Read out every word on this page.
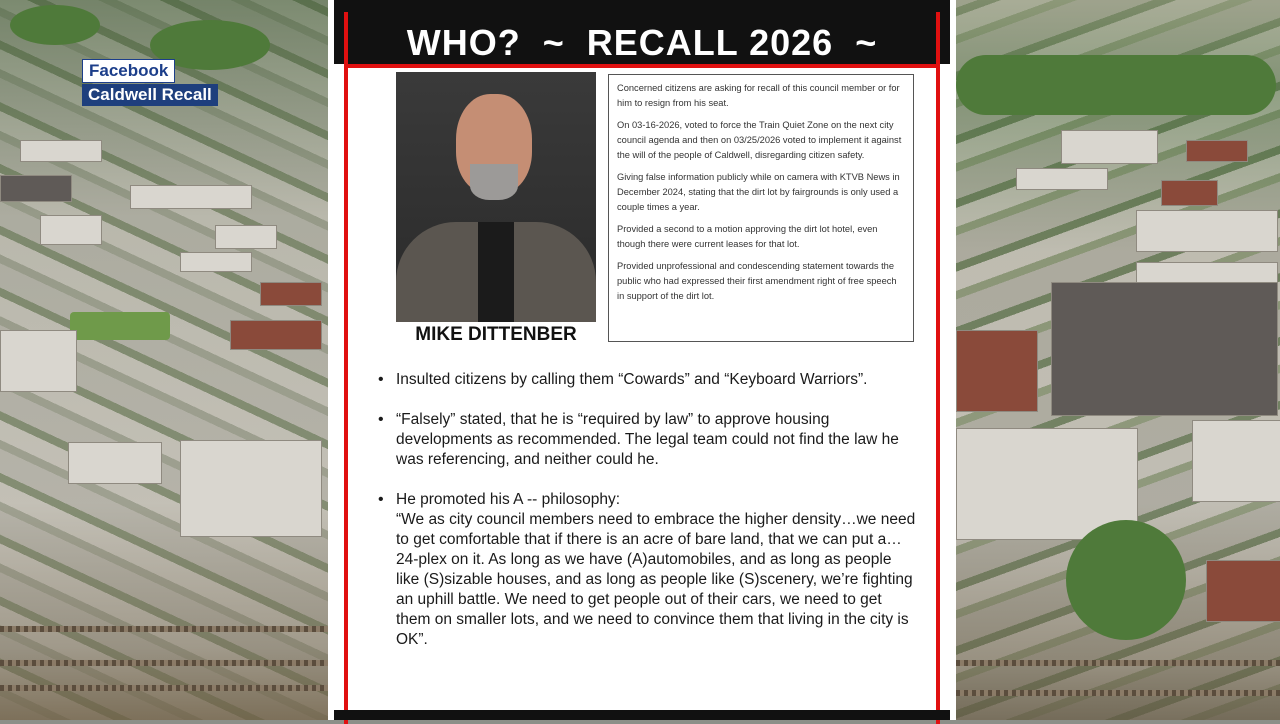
Facebook
Caldwell Recall
WHO?  ~  RECALL 2026  ~
MIKE DITTENBER

Concerned citizens are asking for recall of this council member or for him to resign from his seat.

On 03-16-2026, voted to force the Train Quiet Zone on the next city council agenda and then on 03/25/2026 voted to implement it against the will of the people of Caldwell, disregarding citizen safety.

Giving false information publicly while on camera with KTVB News in December 2024, stating that the dirt lot by fairgrounds is only used a couple times a year.

Provided a second to a motion approving the dirt lot hotel, even though there were current leases for that lot.

Provided unprofessional and condescending statement towards the public who had expressed their first amendment right of free speech in support of the dirt lot.

• Insulted citizens by calling them “Cowards” and “Keyboard Warriors”.
• “Falsely” stated, that he is “required by law” to approve housing developments as recommended. The legal team could not find the law he was referencing, and neither could he.
• He promoted his A -- philosophy:
“We as city council members need to embrace the higher density…we need to get comfortable that if there is an acre of bare land, that we can put a…24-plex on it. As long as we have (A)automobiles, and as long as people like (S)sizable houses, and as long as people like (S)scenery, we’re fighting an uphill battle. We need to get people out of their cars, we need to get them on smaller lots, and we need to convince them that living in the city is OK”.
